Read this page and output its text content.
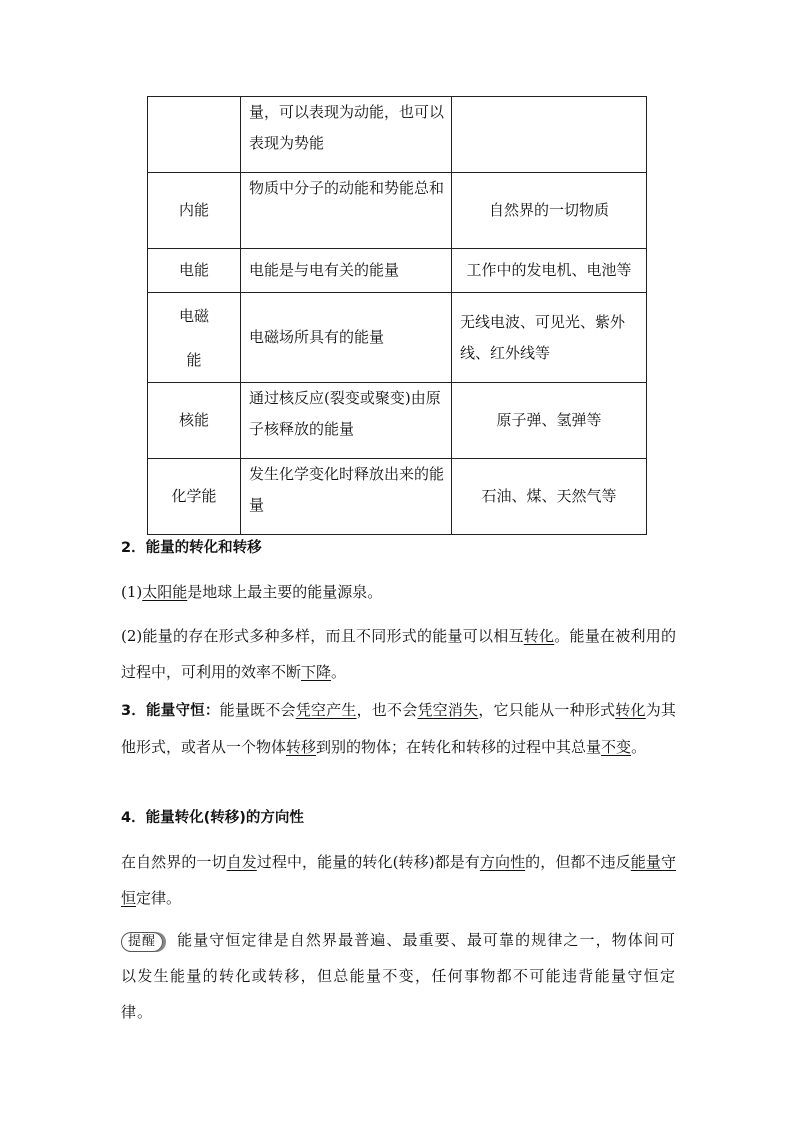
	量，可以表现为动能，也可以表现为势能	
内能	物质中分子的动能和势能总和	自然界的一切物质
电能	电能是与电有关的能量	工作中的发电机、电池等
电磁能	电磁场所具有的能量	无线电波、可见光、紫外线、红外线等
核能	通过核反应(裂变或聚变)由原子核释放的能量	原子弹、氢弹等
化学能	发生化学变化时释放出来的能量	石油、煤、天然气等

2．能量的转化和转移

(1)太阳能是地球上最主要的能量源泉。

(2)能量的存在形式多种多样，而且不同形式的能量可以相互转化。能量在被利用的过程中，可利用的效率不断下降。

3．能量守恒：能量既不会凭空产生，也不会凭空消失，它只能从一种形式转化为其他形式，或者从一个物体转移到别的物体；在转化和转移的过程中其总量不变。

4．能量转化(转移)的方向性

在自然界的一切自发过程中，能量的转化(转移)都是有方向性的，但都不违反能量守恒定律。

提醒 能量守恒定律是自然界最普遍、最重要、最可靠的规律之一，物体间可以发生能量的转化或转移，但总能量不变，任何事物都不可能违背能量守恒定律。
